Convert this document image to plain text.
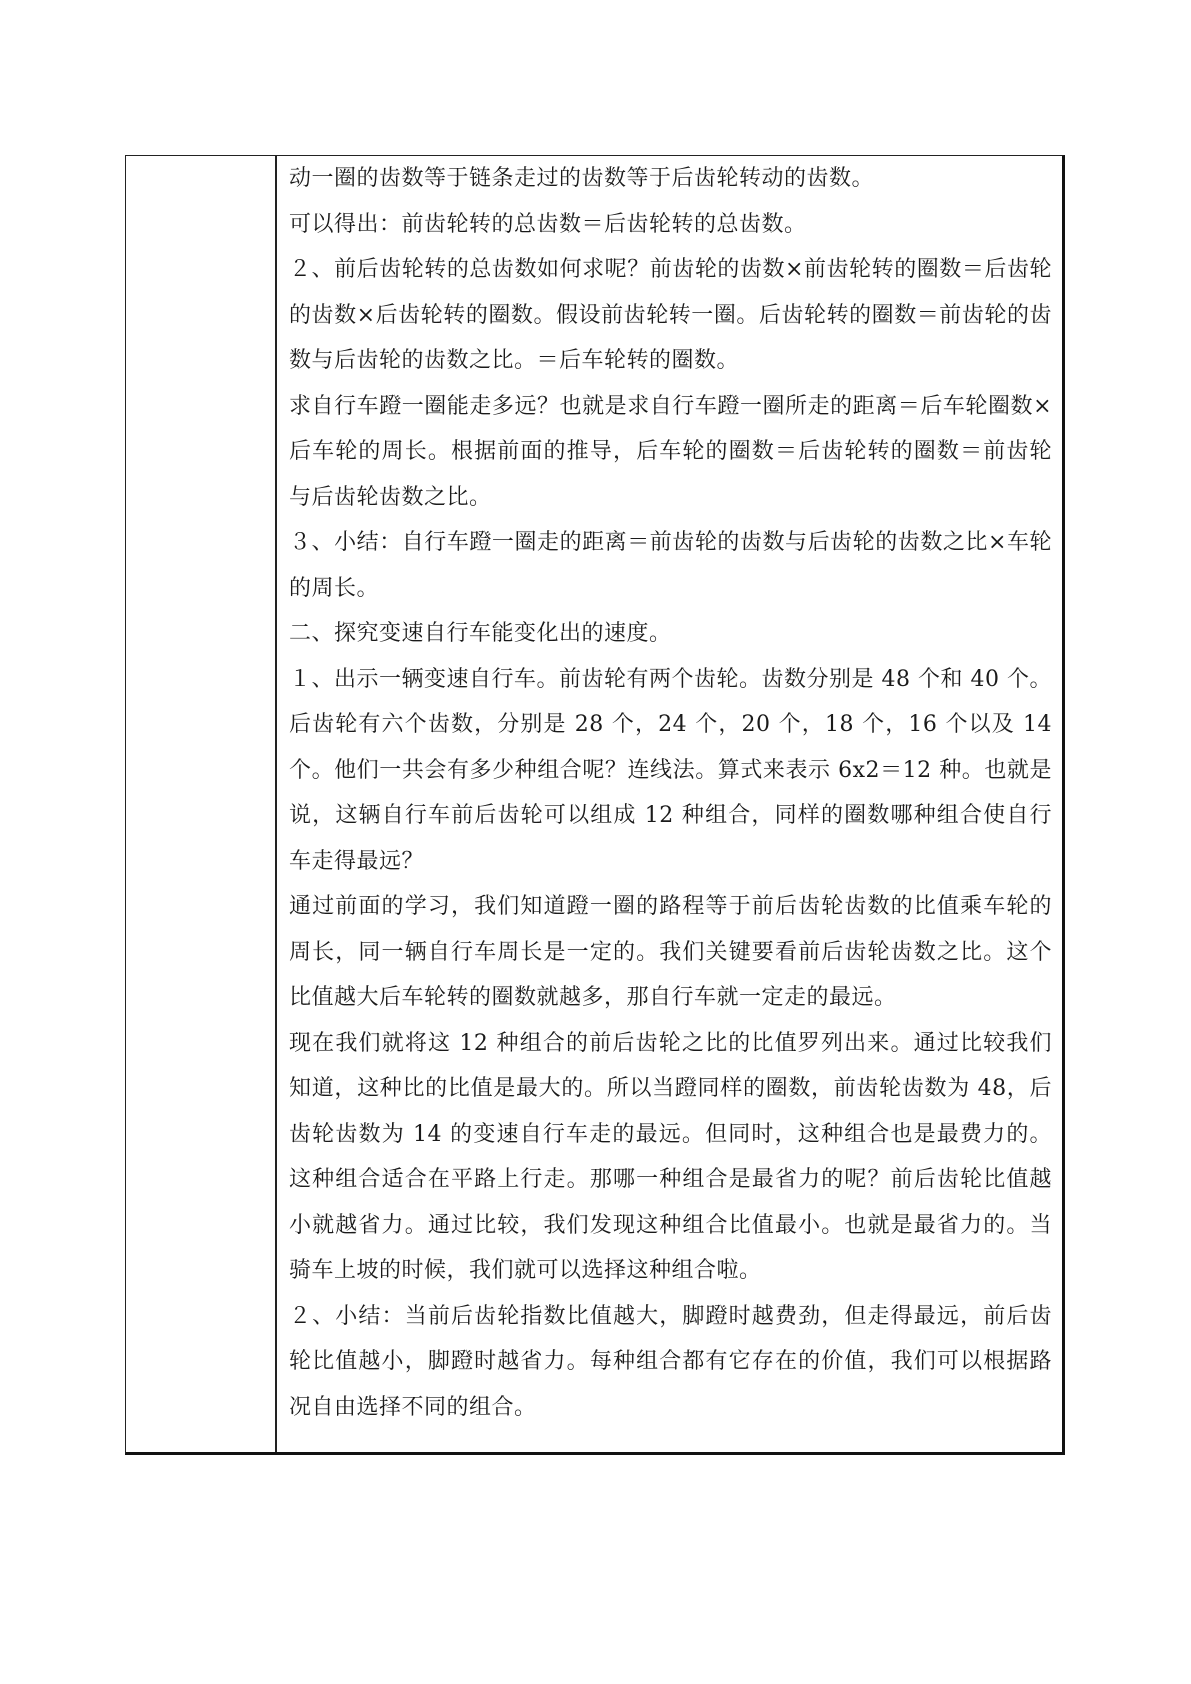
动一圈的齿数等于链条走过的齿数等于后齿轮转动的齿数。

可以得出：前齿轮转的总齿数＝后齿轮转的总齿数。

２、前后齿轮转的总齿数如何求呢？前齿轮的齿数×前齿轮转的圈数＝后齿轮的齿数×后齿轮转的圈数。假设前齿轮转一圈。后齿轮转的圈数＝前齿轮的齿数与后齿轮的齿数之比。＝后车轮转的圈数。

求自行车蹬一圈能走多远？也就是求自行车蹬一圈所走的距离＝后车轮圈数×后车轮的周长。根据前面的推导，后车轮的圈数＝后齿轮转的圈数＝前齿轮与后齿轮齿数之比。

３、小结：自行车蹬一圈走的距离＝前齿轮的齿数与后齿轮的齿数之比×车轮的周长。

二、探究变速自行车能变化出的速度。

１、出示一辆变速自行车。前齿轮有两个齿轮。齿数分别是 48 个和 40 个。后齿轮有六个齿数，分别是 28 个，24 个，20 个，18 个，16 个以及 14 个。他们一共会有多少种组合呢？连线法。算式来表示 6x2＝12 种。也就是说，这辆自行车前后齿轮可以组成 12 种组合，同样的圈数哪种组合使自行车走得最远？

通过前面的学习，我们知道蹬一圈的路程等于前后齿轮齿数的比值乘车轮的周长，同一辆自行车周长是一定的。我们关键要看前后齿轮齿数之比。这个比值越大后车轮转的圈数就越多，那自行车就一定走的最远。

现在我们就将这 12 种组合的前后齿轮之比的比值罗列出来。通过比较我们知道，这种比的比值是最大的。所以当蹬同样的圈数，前齿轮齿数为 48，后齿轮齿数为 14 的变速自行车走的最远。但同时，这种组合也是最费力的。这种组合适合在平路上行走。那哪一种组合是最省力的呢？前后齿轮比值越小就越省力。通过比较，我们发现这种组合比值最小。也就是最省力的。当骑车上坡的时候，我们就可以选择这种组合啦。

２、小结：当前后齿轮指数比值越大，脚蹬时越费劲，但走得最远，前后齿轮比值越小，脚蹬时越省力。每种组合都有它存在的价值，我们可以根据路况自由选择不同的组合。
